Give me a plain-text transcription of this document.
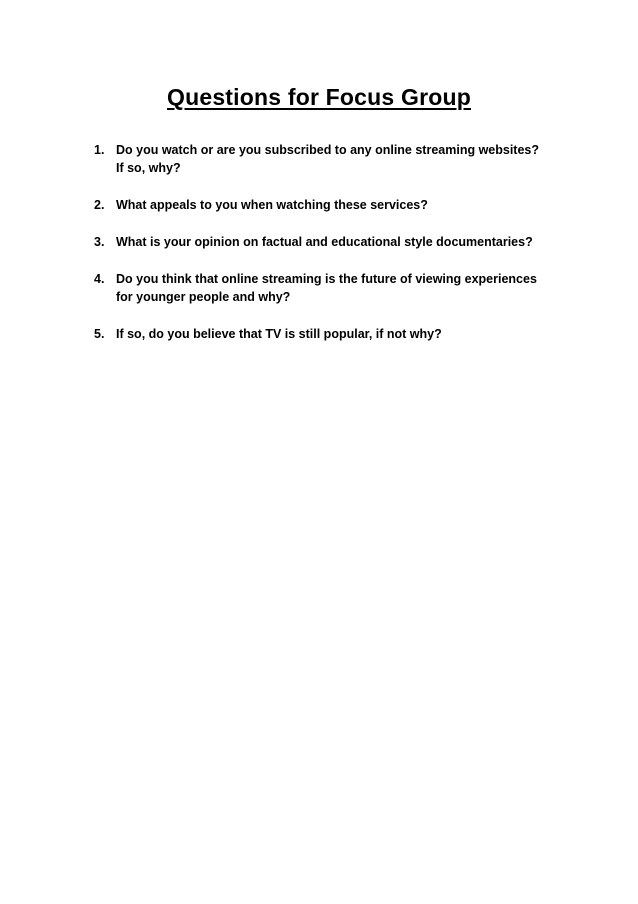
Questions for Focus Group
1. Do you watch or are you subscribed to any online streaming websites?
If so, why?
2. What appeals to you when watching these services?
3. What is your opinion on factual and educational style documentaries?
4. Do you think that online streaming is the future of viewing experiences
for younger people and why?
5. If so, do you believe that TV is still popular, if not why?
